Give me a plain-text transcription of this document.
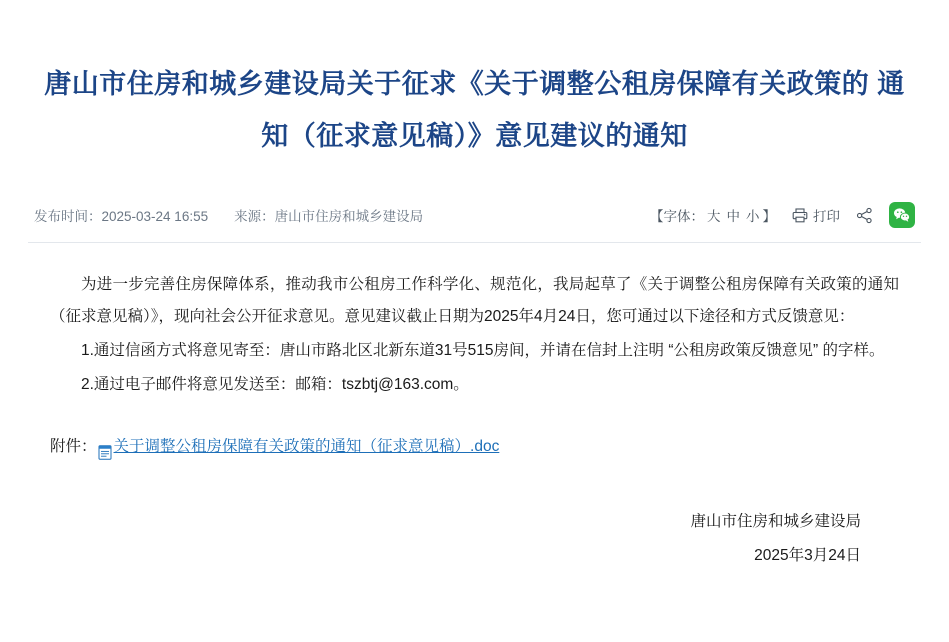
唐山市住房和城乡建设局关于征求《关于调整公租房保障有关政策的 通知（征求意见稿）》意见建议的通知
发布时间：2025-03-24 16:55 来源：唐山市住房和城乡建设局	【字体： 大 中 小 】	打印

为进一步完善住房保障体系，推动我市公租房工作科学化、规范化，我局起草了《关于调整公租房保障有关政策的通知（征求意见稿）》，现向社会公开征求意见。意见建议截止日期为2025年4月24日，您可通过以下途径和方式反馈意见：

1.通过信函方式将意见寄至：唐山市路北区北新东道31号515房间，并请在信封上注明 “公租房政策反馈意见” 的字样。

2.通过电子邮件将意见发送至：邮箱：tszbtj@163.com。

附件： 关于调整公租房保障有关政策的通知（征求意见稿）.doc
唐山市住房和城乡建设局
2025年3月24日
